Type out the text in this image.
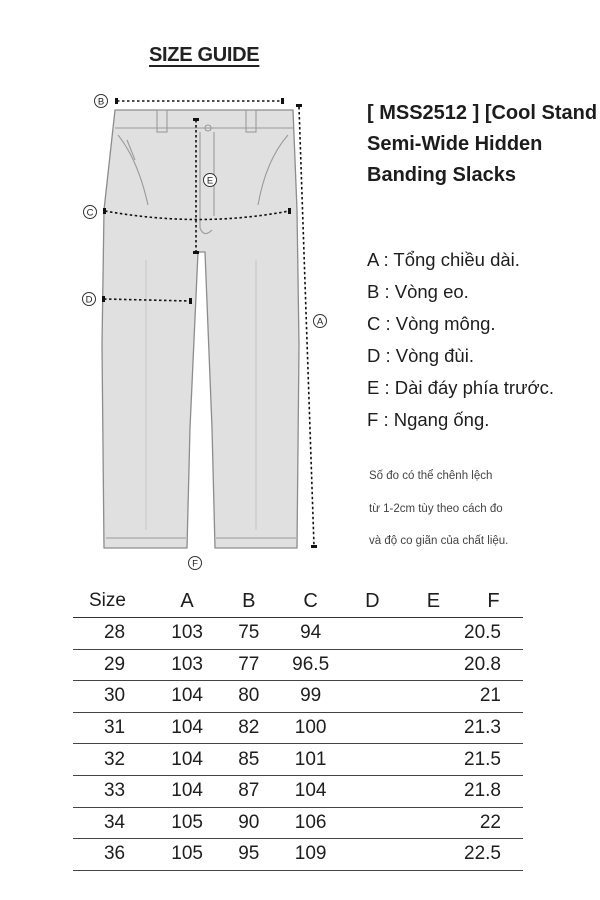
SIZE GUIDE
B
E
C
D
A
F
[ MSS2512 ] [Cool Stand
Semi-Wide Hidden
Banding Slacks
A : Tổng chiều dài.
B : Vòng eo.
C : Vòng mông.
D : Vòng đùi.
E : Dài đáy phía trước.
F : Ngang ống.
Số đo có thể chênh lệch
từ 1-2cm tùy theo cách đo
và độ co giãn của chất liệu.
Size	A	B	C	D	E	F
28	103	75	94			20.5
29	103	77	96.5			20.8
30	104	80	99			21
31	104	82	100			21.3
32	104	85	101			21.5
33	104	87	104			21.8
34	105	90	106			22
36	105	95	109			22.5
